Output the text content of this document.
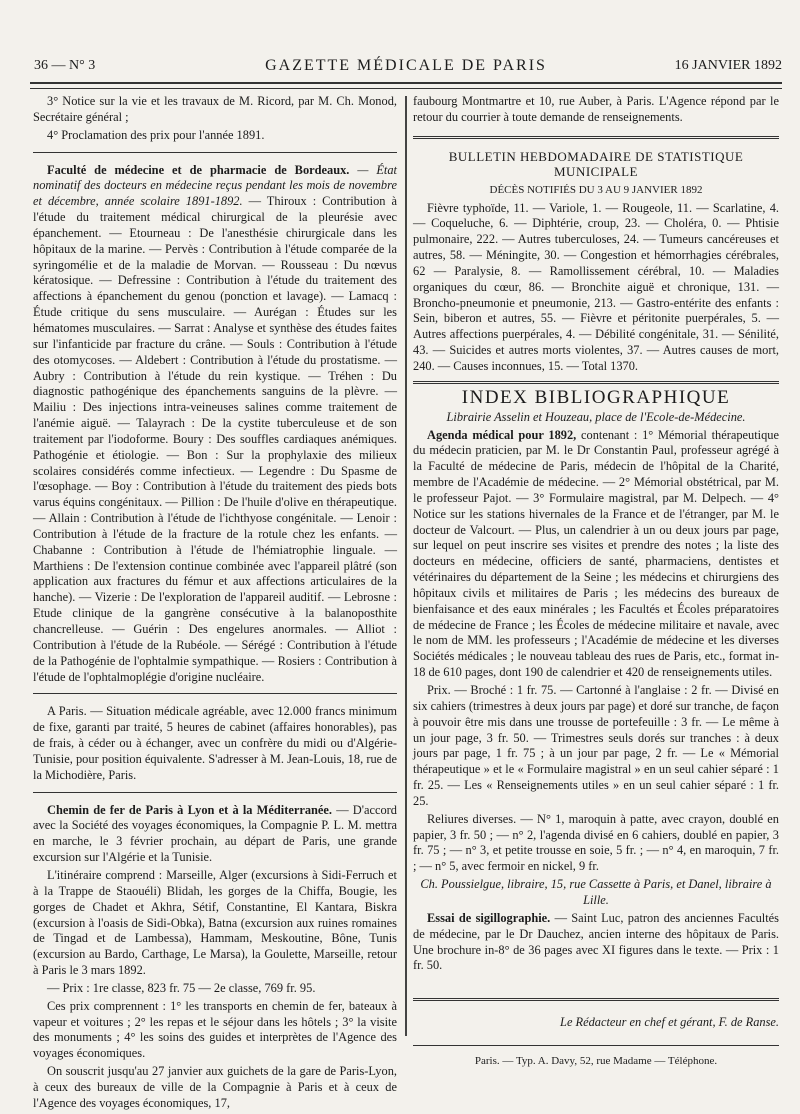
36 — N° 3	GAZETTE MÉDICALE DE PARIS	16 JANVIER 1892

3° Notice sur la vie et les travaux de M. Ricord, par M. Ch. Monod, Secrétaire général ;

4° Proclamation des prix pour l'année 1891.

Faculté de médecine et de pharmacie de Bordeaux. — État nominatif des docteurs en médecine reçus pendant les mois de novembre et décembre, année scolaire 1891-1892. — Thiroux : Contribution à l'étude du traitement médical chirurgical de la pleurésie avec épanchement. — Etourneau : De l'anesthésie chirurgicale dans les hôpitaux de la marine. — Pervès : Contribution à l'étude comparée de la syringomélie et de la maladie de Morvan. — Rousseau : Du nœvus kératosique. — Defressine : Contribution à l'étude du traitement des affections à épanchement du genou (ponction et lavage). — Lamacq : Étude critique du sens musculaire. — Aurégan : Études sur les hématomes musculaires. — Sarrat : Analyse et synthèse des études faites sur l'infanticide par fracture du crâne. — Souls : Contribution à l'étude des otomycoses. — Aldebert : Contribution à l'étude du prostatisme. — Aubry : Contribution à l'étude du rein kystique. — Tréhen : Du diagnostic pathogénique des épanchements sanguins de la plèvre. — Mailiu : Des injections intra-veineuses salines comme traitement de l'anémie aiguë. — Talayrach : De la cystite tuberculeuse et de son traitement par l'iodoforme. Boury : Des souffles cardiaques anémiques. Pathogénie et étiologie. — Bon : Sur la prophylaxie des milieux scolaires considérés comme infectieux. — Legendre : Du Spasme de l'œsophage. — Boy : Contribution à l'étude du traitement des pieds bots varus équins congénitaux. — Pillion : De l'huile d'olive en thérapeutique. — Allain : Contribution à l'étude de l'ichthyose congénitale. — Lenoir : Contribution à l'étude de la fracture de la rotule chez les enfants. — Chabanne : Contribution à l'étude de l'hémiatrophie linguale. — Marthiens : De l'extension continue combinée avec l'appareil plâtré (son application aux fractures du fémur et aux affections articulaires de la hanche). — Vizerie : De l'exploration de l'appareil auditif. — Lebrosne : Etude clinique de la gangrène consécutive à la balanoposthite chancrelleuse. — Guérin : Des engelures anormales. — Alliot : Contribution à l'étude de la Rubéole. — Sérégé : Contribution à l'étude de la Pathogénie de l'ophtalmie sympathique. — Rosiers : Contribution à l'étude de l'ophtalmoplégie d'origine nucléaire.

A Paris. — Situation médicale agréable, avec 12.000 francs minimum de fixe, garanti par traité, 5 heures de cabinet (affaires honorables), pas de frais, à céder ou à échanger, avec un confrère du midi ou d'Algérie-Tunisie, pour position équivalente. S'adresser à M. Jean-Louis, 18, rue de la Michodière, Paris.

Chemin de fer de Paris à Lyon et à la Méditerranée. — D'accord avec la Société des voyages économiques, la Compagnie P. L. M. mettra en marche, le 3 février prochain, au départ de Paris, une grande excursion sur l'Algérie et la Tunisie.

L'itinéraire comprend : Marseille, Alger (excursions à Sidi-Ferruch et à la Trappe de Staouéli) Blidah, les gorges de la Chiffa, Bougie, les gorges de Chadet et Akhra, Sétif, Constantine, El Kantara, Biskra (excursion à l'oasis de Sidi-Obka), Batna (excursion aux ruines romaines de Tingad et de Lambessa), Hammam, Meskoutine, Bône, Tunis (excursion au Bardo, Carthage, Le Marsa), la Goulette, Marseille, retour à Paris le 3 mars 1892.

— Prix : 1re classe, 823 fr. 75 — 2e classe, 769 fr. 95.

Ces prix comprennent : 1° les transports en chemin de fer, bateaux à vapeur et voitures ; 2° les repas et le séjour dans les hôtels ; 3° la visite des monuments ; 4° les soins des guides et interprètes de l'Agence des voyages économiques.

On souscrit jusqu'au 27 janvier aux guichets de la gare de Paris-Lyon, à ceux des bureaux de ville de la Compagnie à Paris et à ceux de l'Agence des voyages économiques, 17,

faubourg Montmartre et 10, rue Auber, à Paris. L'Agence répond par le retour du courrier à toute demande de renseignements.

BULLETIN HEBDOMADAIRE DE STATISTIQUE MUNICIPALE
DÉCÈS NOTIFIÉS DU 3 AU 9 JANVIER 1892

Fièvre typhoïde, 11. — Variole, 1. — Rougeole, 11. — Scarlatine, 4. — Coqueluche, 6. — Diphtérie, croup, 23. — Choléra, 0. — Phtisie pulmonaire, 222. — Autres tuberculoses, 24. — Tumeurs cancéreuses et autres, 58. — Méningite, 30. — Congestion et hémorrhagies cérébrales, 62 — Paralysie, 8. — Ramollissement cérébral, 10. — Maladies organiques du cœur, 86. — Bronchite aiguë et chronique, 131. — Broncho-pneumonie et pneumonie, 213. — Gastro-entérite des enfants : Sein, biberon et autres, 55. — Fièvre et péritonite puerpérales, 5. — Autres affections puerpérales, 4. — Débilité congénitale, 31. — Sénilité, 43. — Suicides et autres morts violentes, 37. — Autres causes de mort, 240. — Causes inconnues, 15. — Total 1370.

INDEX BIBLIOGRAPHIQUE

Librairie Asselin et Houzeau, place de l'Ecole-de-Médecine.

Agenda médical pour 1892, contenant : 1° Mémorial thérapeutique du médecin praticien, par M. le Dr Constantin Paul, professeur agrégé à la Faculté de médecine de Paris, médecin de l'hôpital de la Charité, membre de l'Académie de médecine. — 2° Mémorial obstétrical, par M. le professeur Pajot. — 3° Formulaire magistral, par M. Delpech. — 4° Notice sur les stations hivernales de la France et de l'étranger, par M. le docteur de Valcourt. — Plus, un calendrier à un ou deux jours par page, sur lequel on peut inscrire ses visites et prendre des notes ; la liste des docteurs en médecine, officiers de santé, pharmaciens, dentistes et vétérinaires du département de la Seine ; les médecins et chirurgiens des hôpitaux civils et militaires de Paris ; les médecins des bureaux de bienfaisance et des eaux minérales ; les Facultés et Écoles préparatoires de médecine de France ; les Écoles de médecine militaire et navale, avec le nom de MM. les professeurs ; l'Académie de médecine et les diverses Sociétés médicales ; le nouveau tableau des rues de Paris, etc., format in-18 de 610 pages, dont 190 de calendrier et 420 de renseignements utiles.

Prix. — Broché : 1 fr. 75. — Cartonné à l'anglaise : 2 fr. — Divisé en six cahiers (trimestres à deux jours par page) et doré sur tranche, de façon à pouvoir être mis dans une trousse de portefeuille : 3 fr. — Le même à un jour page, 3 fr. 50. — Trimestres seuls dorés sur tranches : à deux jours par page, 1 fr. 75 ; à un jour par page, 2 fr. — Le « Mémorial thérapeutique » et le « Formulaire magistral » en un seul cahier séparé : 1 fr. 25. — Les « Renseignements utiles » en un seul cahier séparé : 1 fr. 25.

Reliures diverses. — N° 1, maroquin à patte, avec crayon, doublé en papier, 3 fr. 50 ; — n° 2, l'agenda divisé en 6 cahiers, doublé en papier, 3 fr. 75 ; — n° 3, et petite trousse en soie, 5 fr. ; — n° 4, en maroquin, 7 fr. ; — n° 5, avec fermoir en nickel, 9 fr.

Ch. Poussielgue, libraire, 15, rue Cassette à Paris, et Danel, libraire à Lille.

Essai de sigillographie. — Saint Luc, patron des anciennes Facultés de médecine, par le Dr Dauchez, ancien interne des hôpitaux de Paris. Une brochure in-8° de 36 pages avec XI figures dans le texte. — Prix : 1 fr. 50.

Le Rédacteur en chef et gérant, F. de Ranse.
Paris. — Typ. A. Davy, 52, rue Madame — Téléphone.
